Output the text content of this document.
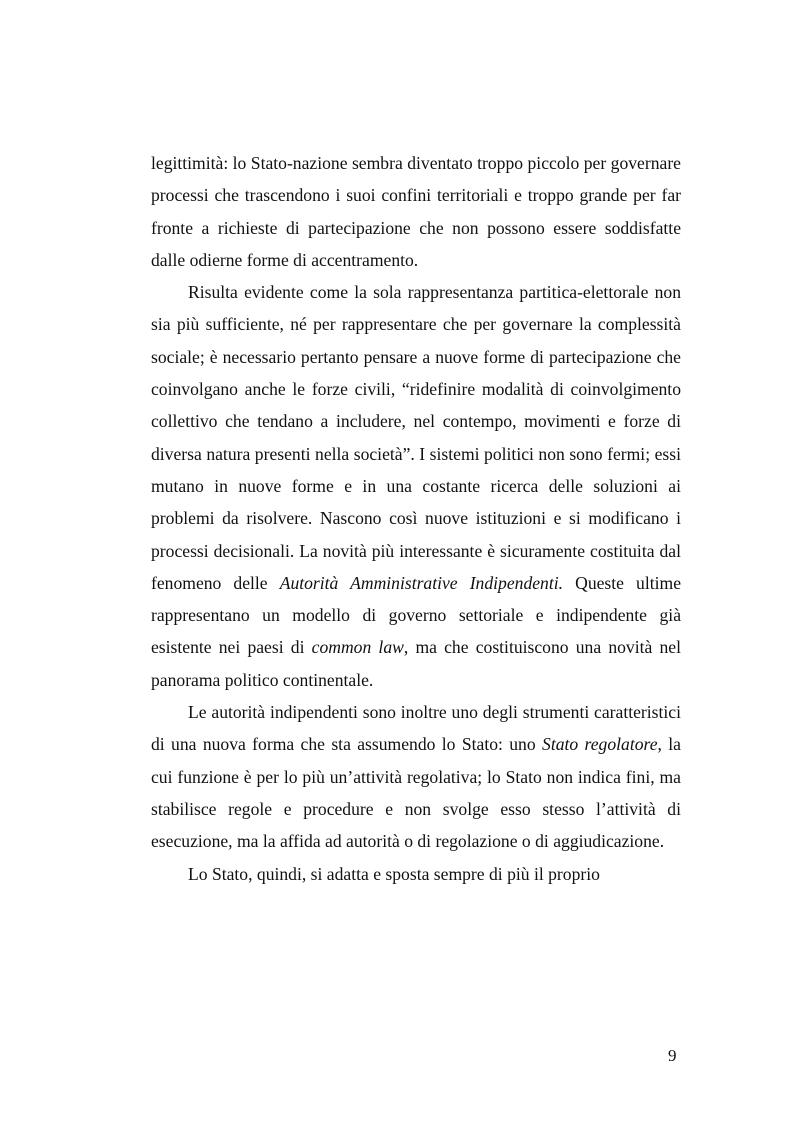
legittimità: lo Stato-nazione sembra diventato troppo piccolo per governare processi che trascendono i suoi confini territoriali e troppo grande per far fronte a richieste di partecipazione che non possono essere soddisfatte dalle odierne forme di accentramento.

Risulta evidente come la sola rappresentanza partitica-elettorale non sia più sufficiente, né per rappresentare che per governare la complessità sociale; è necessario pertanto pensare a nuove forme di partecipazione che coinvolgano anche le forze civili, “ridefinire modalità di coinvolgimento collettivo che tendano a includere, nel contempo, movimenti e forze di diversa natura presenti nella società”. I sistemi politici non sono fermi; essi mutano in nuove forme e in una costante ricerca delle soluzioni ai problemi da risolvere. Nascono così nuove istituzioni e si modificano i processi decisionali. La novità più interessante è sicuramente costituita dal fenomeno delle Autorità Amministrative Indipendenti. Queste ultime rappresentano un modello di governo settoriale e indipendente già esistente nei paesi di common law, ma che costituiscono una novità nel panorama politico continentale.

Le autorità indipendenti sono inoltre uno degli strumenti caratteristici di una nuova forma che sta assumendo lo Stato: uno Stato regolatore, la cui funzione è per lo più un’attività regolativa; lo Stato non indica fini, ma stabilisce regole e procedure e non svolge esso stesso l’attività di esecuzione, ma la affida ad autorità o di regolazione o di aggiudicazione.

Lo Stato, quindi, si adatta e sposta sempre di più il proprio

9
